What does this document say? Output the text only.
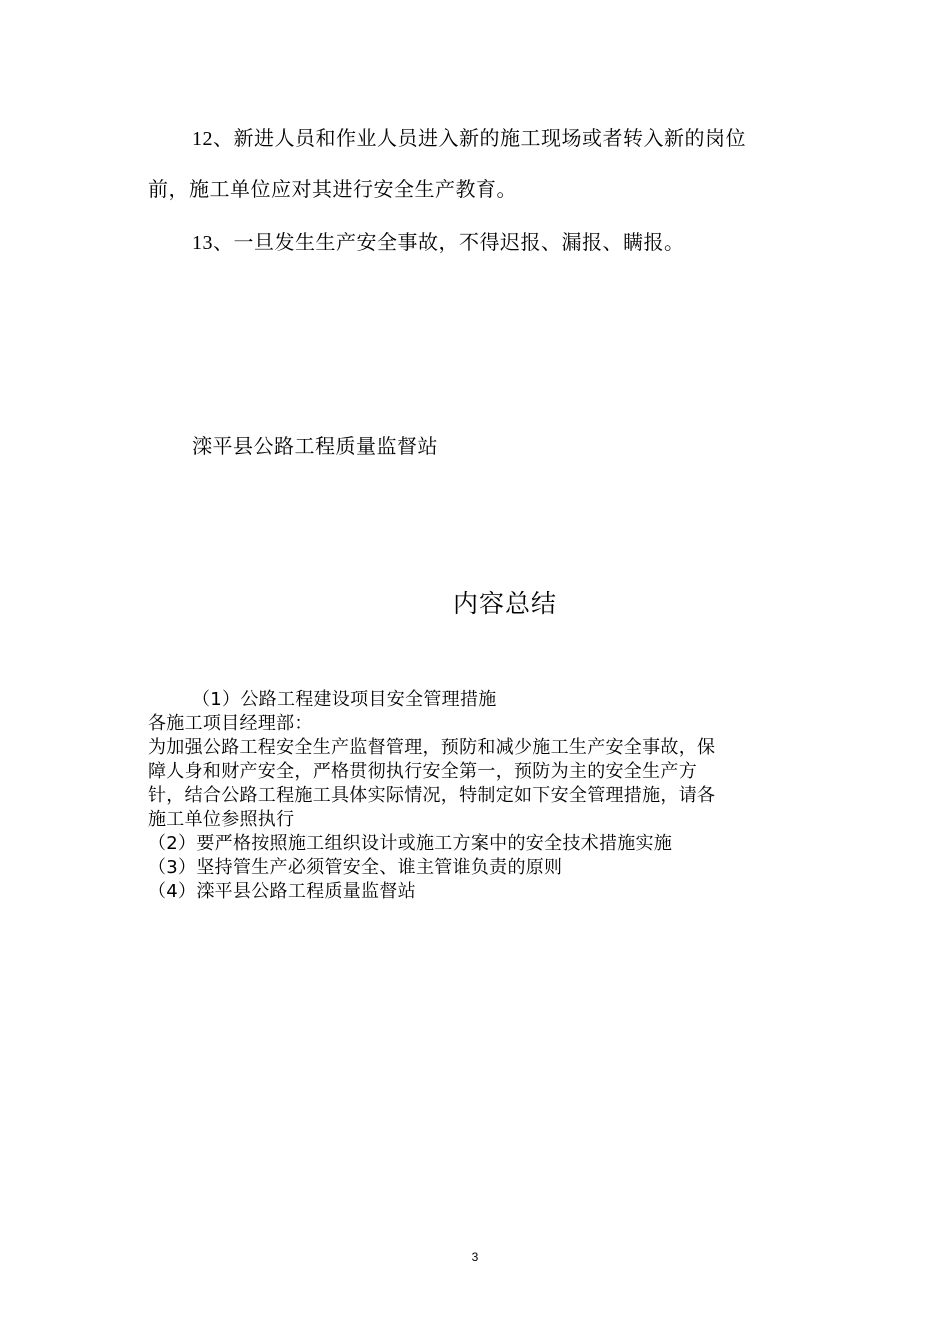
12、新进人员和作业人员进入新的施工现场或者转入新的岗位
前，施工单位应对其进行安全生产教育。
13、一旦发生生产安全事故，不得迟报、漏报、瞒报。
滦平县公路工程质量监督站
内容总结
（1）公路工程建设项目安全管理措施
各施工项目经理部：
为加强公路工程安全生产监督管理，预防和减少施工生产安全事故，保
障人身和财产安全，严格贯彻执行安全第一，预防为主的安全生产方
针，结合公路工程施工具体实际情况，特制定如下安全管理措施，请各
施工单位参照执行
（2）要严格按照施工组织设计或施工方案中的安全技术措施实施
（3）坚持管生产必须管安全、谁主管谁负责的原则
（4）滦平县公路工程质量监督站
3
